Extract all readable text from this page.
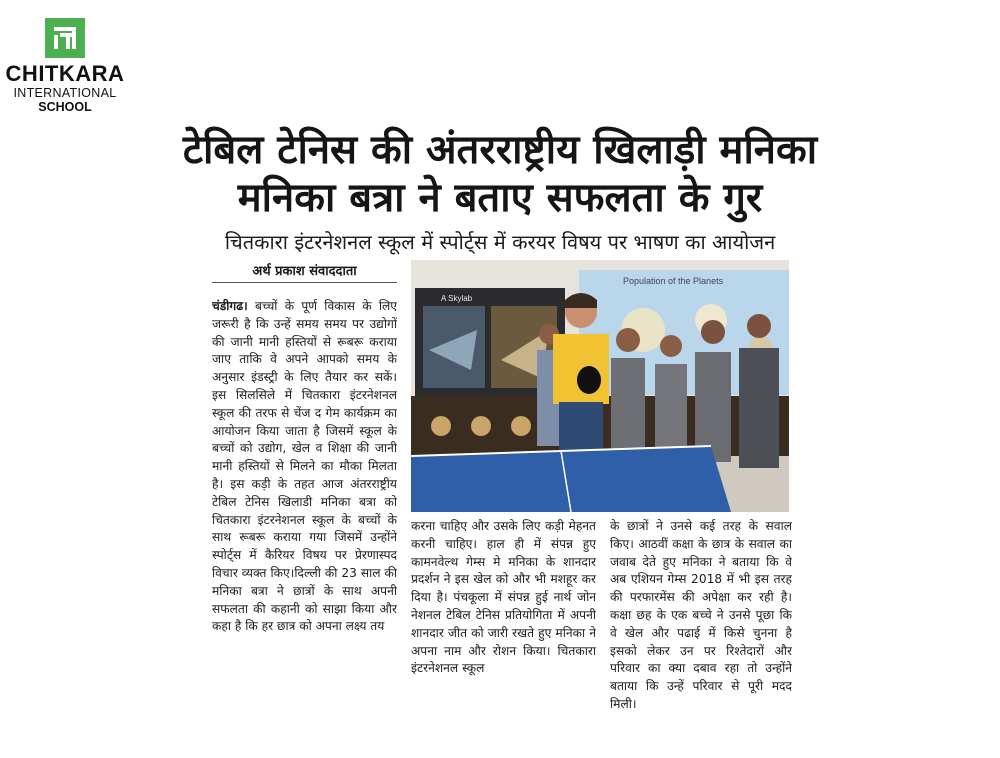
CHITKARA
INTERNATIONAL
SCHOOL
टेबिल टेनिस की अंतरराष्ट्रीय खिलाड़ी मनिका
मनिका बत्रा ने बताए सफलता के गुर
चितकारा इंटरनेशनल स्कूल में स्पोर्ट्स में करयर विषय पर भाषण का आयोजन
अर्थ प्रकाश संवाददाता
चंडीगढ। बच्चों के पूर्ण विकास के लिए जरूरी है कि उन्हें समय समय पर उद्योगों की जानी मानी हस्तियों से रूबरू कराया जाए ताकि वे अपने आपको समय के अनुसार इंडस्ट्री के लिए तैयार कर सकें। इस सिलसिले में चितकारा इंटरनेशनल स्कूल की तरफ से चेंज द गेम कार्यक्रम का आयोजन किया जाता है जिसमें स्कूल के बच्चों को उद्योग, खेल व शिक्षा की जानी मानी हस्तियों से मिलने का मौका मिलता है। इस कड़ी के तहत आज अंतरराष्ट्रीय टेबिल टेनिस खिलाडी मनिका बत्रा को चितकारा इंटरनेशनल स्कूल के बच्चों के साथ रूबरू कराया गया जिसमें उन्होंने स्पोर्ट्स में कैरियर विषय पर प्रेरणास्पद विचार व्यक्त किए।दिल्ली की 23 साल की मनिका बत्रा ने छात्रों के साथ अपनी सफलता की कहानी को साझा किया और कहा है कि हर छात्र को अपना लक्ष्य तय
A Skylab
Population of the Planets
करना चाहिए और उसके लिए कड़ी मेहनत करनी चाहिए। हाल ही में संपन्न हुए कामनवेल्थ गेम्स मे मनिका के शानदार प्रदर्शन ने इस खेल को और भी मशहूर कर दिया है। पंचकूला में संपन्न हुई नार्थ जोन नेशनल टेबिल टेनिस प्रतियोगिता में अपनी शानदार जीत को जारी रखते हुए मनिका ने अपना नाम और रोशन किया। चितकारा इंटरनेशनल स्कूल
के छात्रों ने उनसे कई तरह के सवाल किए। आठवीं कक्षा के छात्र के सवाल का जवाब देते हुए मनिका ने बताया कि वे अब एशियन गेम्स 2018 में भी इस तरह की परफारमेंस की अपेक्षा कर रही है। कक्षा छह के एक बच्चे ने उनसे पूछा कि वे खेल और पढाई में किसे चुनना है इसको लेकर उन पर रिश्तेदारों और परिवार का क्या दबाव रहा तो उन्होंने बताया कि उन्हें परिवार से पूरी मदद मिली।
